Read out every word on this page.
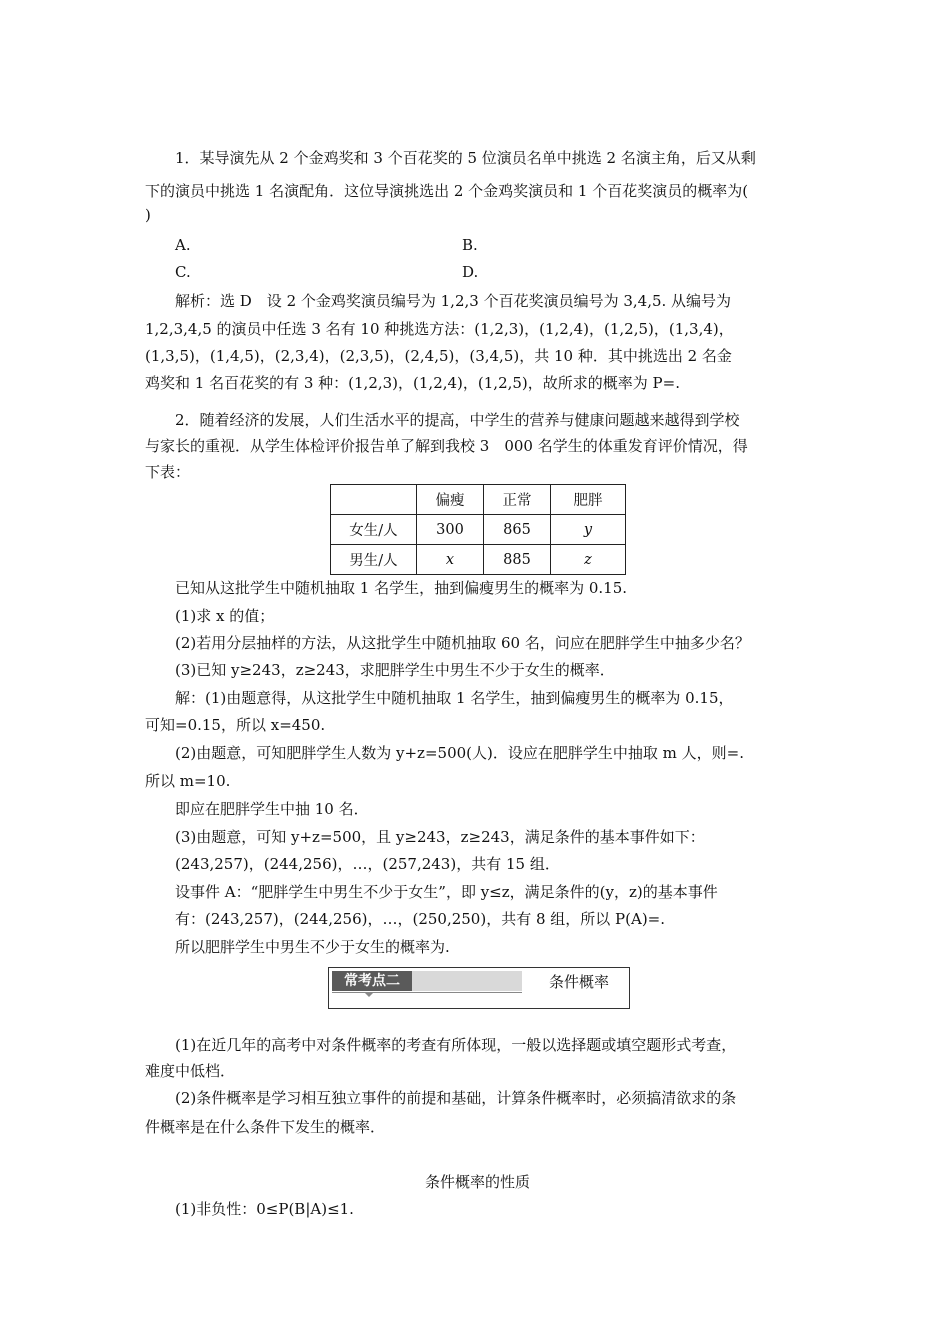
1．某导演先从 2 个金鸡奖和 3 个百花奖的 5 位演员名单中挑选 2 名演主角，后又从剩
下的演员中挑选 1 名演配角．这位导演挑选出 2 个金鸡奖演员和 1 个百花奖演员的概率为(
)
A.	B.
C.	D.
解析：选 D　设 2 个金鸡奖演员编号为 1,2,3 个百花奖演员编号为 3,4,5. 从编号为
1,2,3,4,5 的演员中任选 3 名有 10 种挑选方法：(1,2,3)，(1,2,4)，(1,2,5)，(1,3,4)，
(1,3,5)，(1,4,5)，(2,3,4)，(2,3,5)，(2,4,5)，(3,4,5)，共 10 种．其中挑选出 2 名金
鸡奖和 1 名百花奖的有 3 种：(1,2,3)，(1,2,4)，(1,2,5)，故所求的概率为 P=.
2．随着经济的发展，人们生活水平的提高，中学生的营养与健康问题越来越得到学校
与家长的重视．从学生体检评价报告单了解到我校 3　000 名学生的体重发育评价情况，得
下表：
	偏瘦	正常	肥胖
女生/人	300	865	y
男生/人	x	885	z
已知从这批学生中随机抽取 1 名学生，抽到偏瘦男生的概率为 0.15.
(1)求 x 的值；
(2)若用分层抽样的方法，从这批学生中随机抽取 60 名，问应在肥胖学生中抽多少名？
(3)已知 y≥243，z≥243，求肥胖学生中男生不少于女生的概率．
解：(1)由题意得，从这批学生中随机抽取 1 名学生，抽到偏瘦男生的概率为 0.15，
可知=0.15，所以 x=450.
(2)由题意，可知肥胖学生人数为 y+z=500(人)．设应在肥胖学生中抽取 m 人，则=.
所以 m=10.
即应在肥胖学生中抽 10 名．
(3)由题意，可知 y+z=500，且 y≥243，z≥243，满足条件的基本事件如下：
(243,257)，(244,256)，…，(257,243)，共有 15 组．
设事件 A：“肥胖学生中男生不少于女生”，即 y≤z，满足条件的(y，z)的基本事件
有：(243,257)，(244,256)，…，(250,250)，共有 8 组，所以 P(A)=.
所以肥胖学生中男生不少于女生的概率为.
常考点二	条件概率
(1)在近几年的高考中对条件概率的考查有所体现，一般以选择题或填空题形式考查，
难度中低档．
(2)条件概率是学习相互独立事件的前提和基础，计算条件概率时，必须搞清欲求的条
件概率是在什么条件下发生的概率．
条件概率的性质
(1)非负性：0≤P(B|A)≤1.
